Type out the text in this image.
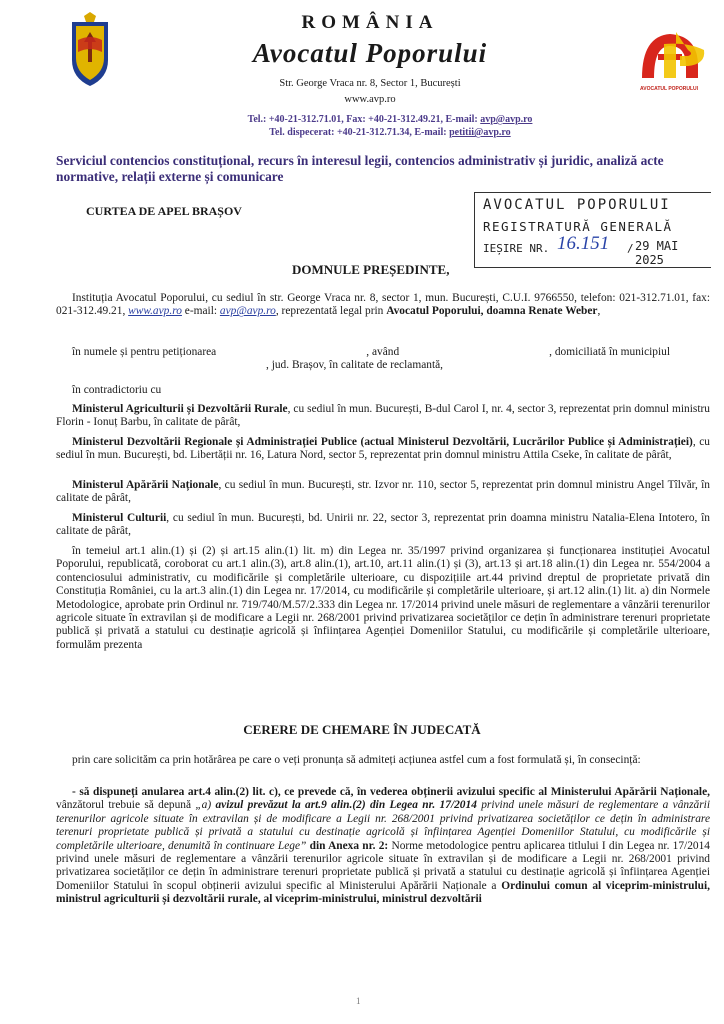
ROMÂNIA
Avocatul Poporului
Str. George Vraca nr. 8, Sector 1, București
www.avp.ro
AVOCATUL POPORULUI
Tel.: +40-21-312.71.01, Fax: +40-21-312.49.21, E-mail: avp@avp.ro
Tel. dispecerat: +40-21-312.71.34, E-mail: petitii@avp.ro
Serviciul contencios constituțional, recurs în interesul legii, contencios administrativ și juridic, analiză acte normative, relații externe și comunicare
CURTEA DE APEL BRAȘOV	AVOCATUL POPORULUI
REGISTRATURĂ GENERALĂ
IEȘIRE NR. 16.151 / 29 MAI 2025
DOMNULE PREȘEDINTE,
Instituția Avocatul Poporului, cu sediul în str. George Vraca nr. 8, sector 1, mun. București, C.U.I. 9766550, telefon: 021-312.71.01, fax: 021-312.49.21, www.avp.ro e-mail: avp@avp.ro, reprezentată legal prin Avocatul Poporului, doamna Renate Weber,
în numele și pentru petiționarea	, având	, domiciliată în municipiul
, jud. Brașov, în calitate de reclamantă,
în contradictoriu cu
Ministerul Agriculturii și Dezvoltării Rurale, cu sediul în mun. București, B-dul Carol I, nr. 4, sector 3, reprezentat prin domnul ministru Florin - Ionuț Barbu, în calitate de pârât,
Ministerul Dezvoltării Regionale și Administrației Publice (actual Ministerul Dezvoltării, Lucrărilor Publice și Administrației), cu sediul în mun. București, bd. Libertății nr. 16, Latura Nord, sector 5, reprezentat prin domnul ministru Attila Cseke, în calitate de pârât,
Ministerul Apărării Naționale, cu sediul în mun. București, str. Izvor nr. 110, sector 5, reprezentat prin domnul ministru Angel Tîlvăr, în calitate de pârât,
Ministerul Culturii, cu sediul în mun. București, bd. Unirii nr. 22, sector 3, reprezentat prin doamna ministru Natalia-Elena Intotero, în calitate de pârât,
în temeiul art.1 alin.(1) și (2) și art.15 alin.(1) lit. m) din Legea nr. 35/1997 privind organizarea și funcționarea instituției Avocatul Poporului, republicată, coroborat cu art.1 alin.(3), art.8 alin.(1), art.10, art.11 alin.(1) și (3), art.13 și art.18 alin.(1) din Legea nr. 554/2004 a contenciosului administrativ, cu modificările și completările ulterioare, cu dispozițiile art.44 privind dreptul de proprietate privată din Constituția României, cu la art.3 alin.(1) din Legea nr. 17/2014, cu modificările și completările ulterioare, și art.12 alin.(1) lit. a) din Normele Metodologice, aprobate prin Ordinul nr. 719/740/M.57/2.333 din Legea nr. 17/2014 privind unele măsuri de reglementare a vânzării terenurilor agricole situate în extravilan și de modificare a Legii nr. 268/2001 privind privatizarea societăților ce dețin în administrare terenuri proprietate publică și privată a statului cu destinație agricolă și înființarea Agenției Domeniilor Statului, cu modificările și completările ulterioare, formulăm prezenta
CERERE DE CHEMARE ÎN JUDECATĂ
prin care solicităm ca prin hotărârea pe care o veți pronunța să admiteți acțiunea astfel cum a fost formulată și, în consecință:
- să dispuneți anularea art.4 alin.(2) lit. c), ce prevede că, în vederea obținerii avizului specific al Ministerului Apărării Naționale, vânzătorul trebuie să depună „a) avizul prevăzut la art.9 alin.(2) din Legea nr. 17/2014 privind unele măsuri de reglementare a vânzării terenurilor agricole situate în extravilan și de modificare a Legii nr. 268/2001 privind privatizarea societăților ce dețin în administrare terenuri proprietate publică și privată a statului cu destinație agricolă și înființarea Agenției Domeniilor Statului, cu modificările și completările ulterioare, denumită în continuare Lege” din Anexa nr. 2: Norme metodologice pentru aplicarea titlului I din Legea nr. 17/2014 privind unele măsuri de reglementare a vânzării terenurilor agricole situate în extravilan și de modificare a Legii nr. 268/2001 privind privatizarea societăților ce dețin în administrare terenuri proprietate publică și privată a statului cu destinație agricolă și înființarea Agenției Domeniilor Statului în scopul obținerii avizului specific al Ministerului Apărării Naționale a Ordinului comun al viceprim-ministrului, ministrul agriculturii și dezvoltării rurale, al viceprim-ministrului, ministrul dezvoltării
1
